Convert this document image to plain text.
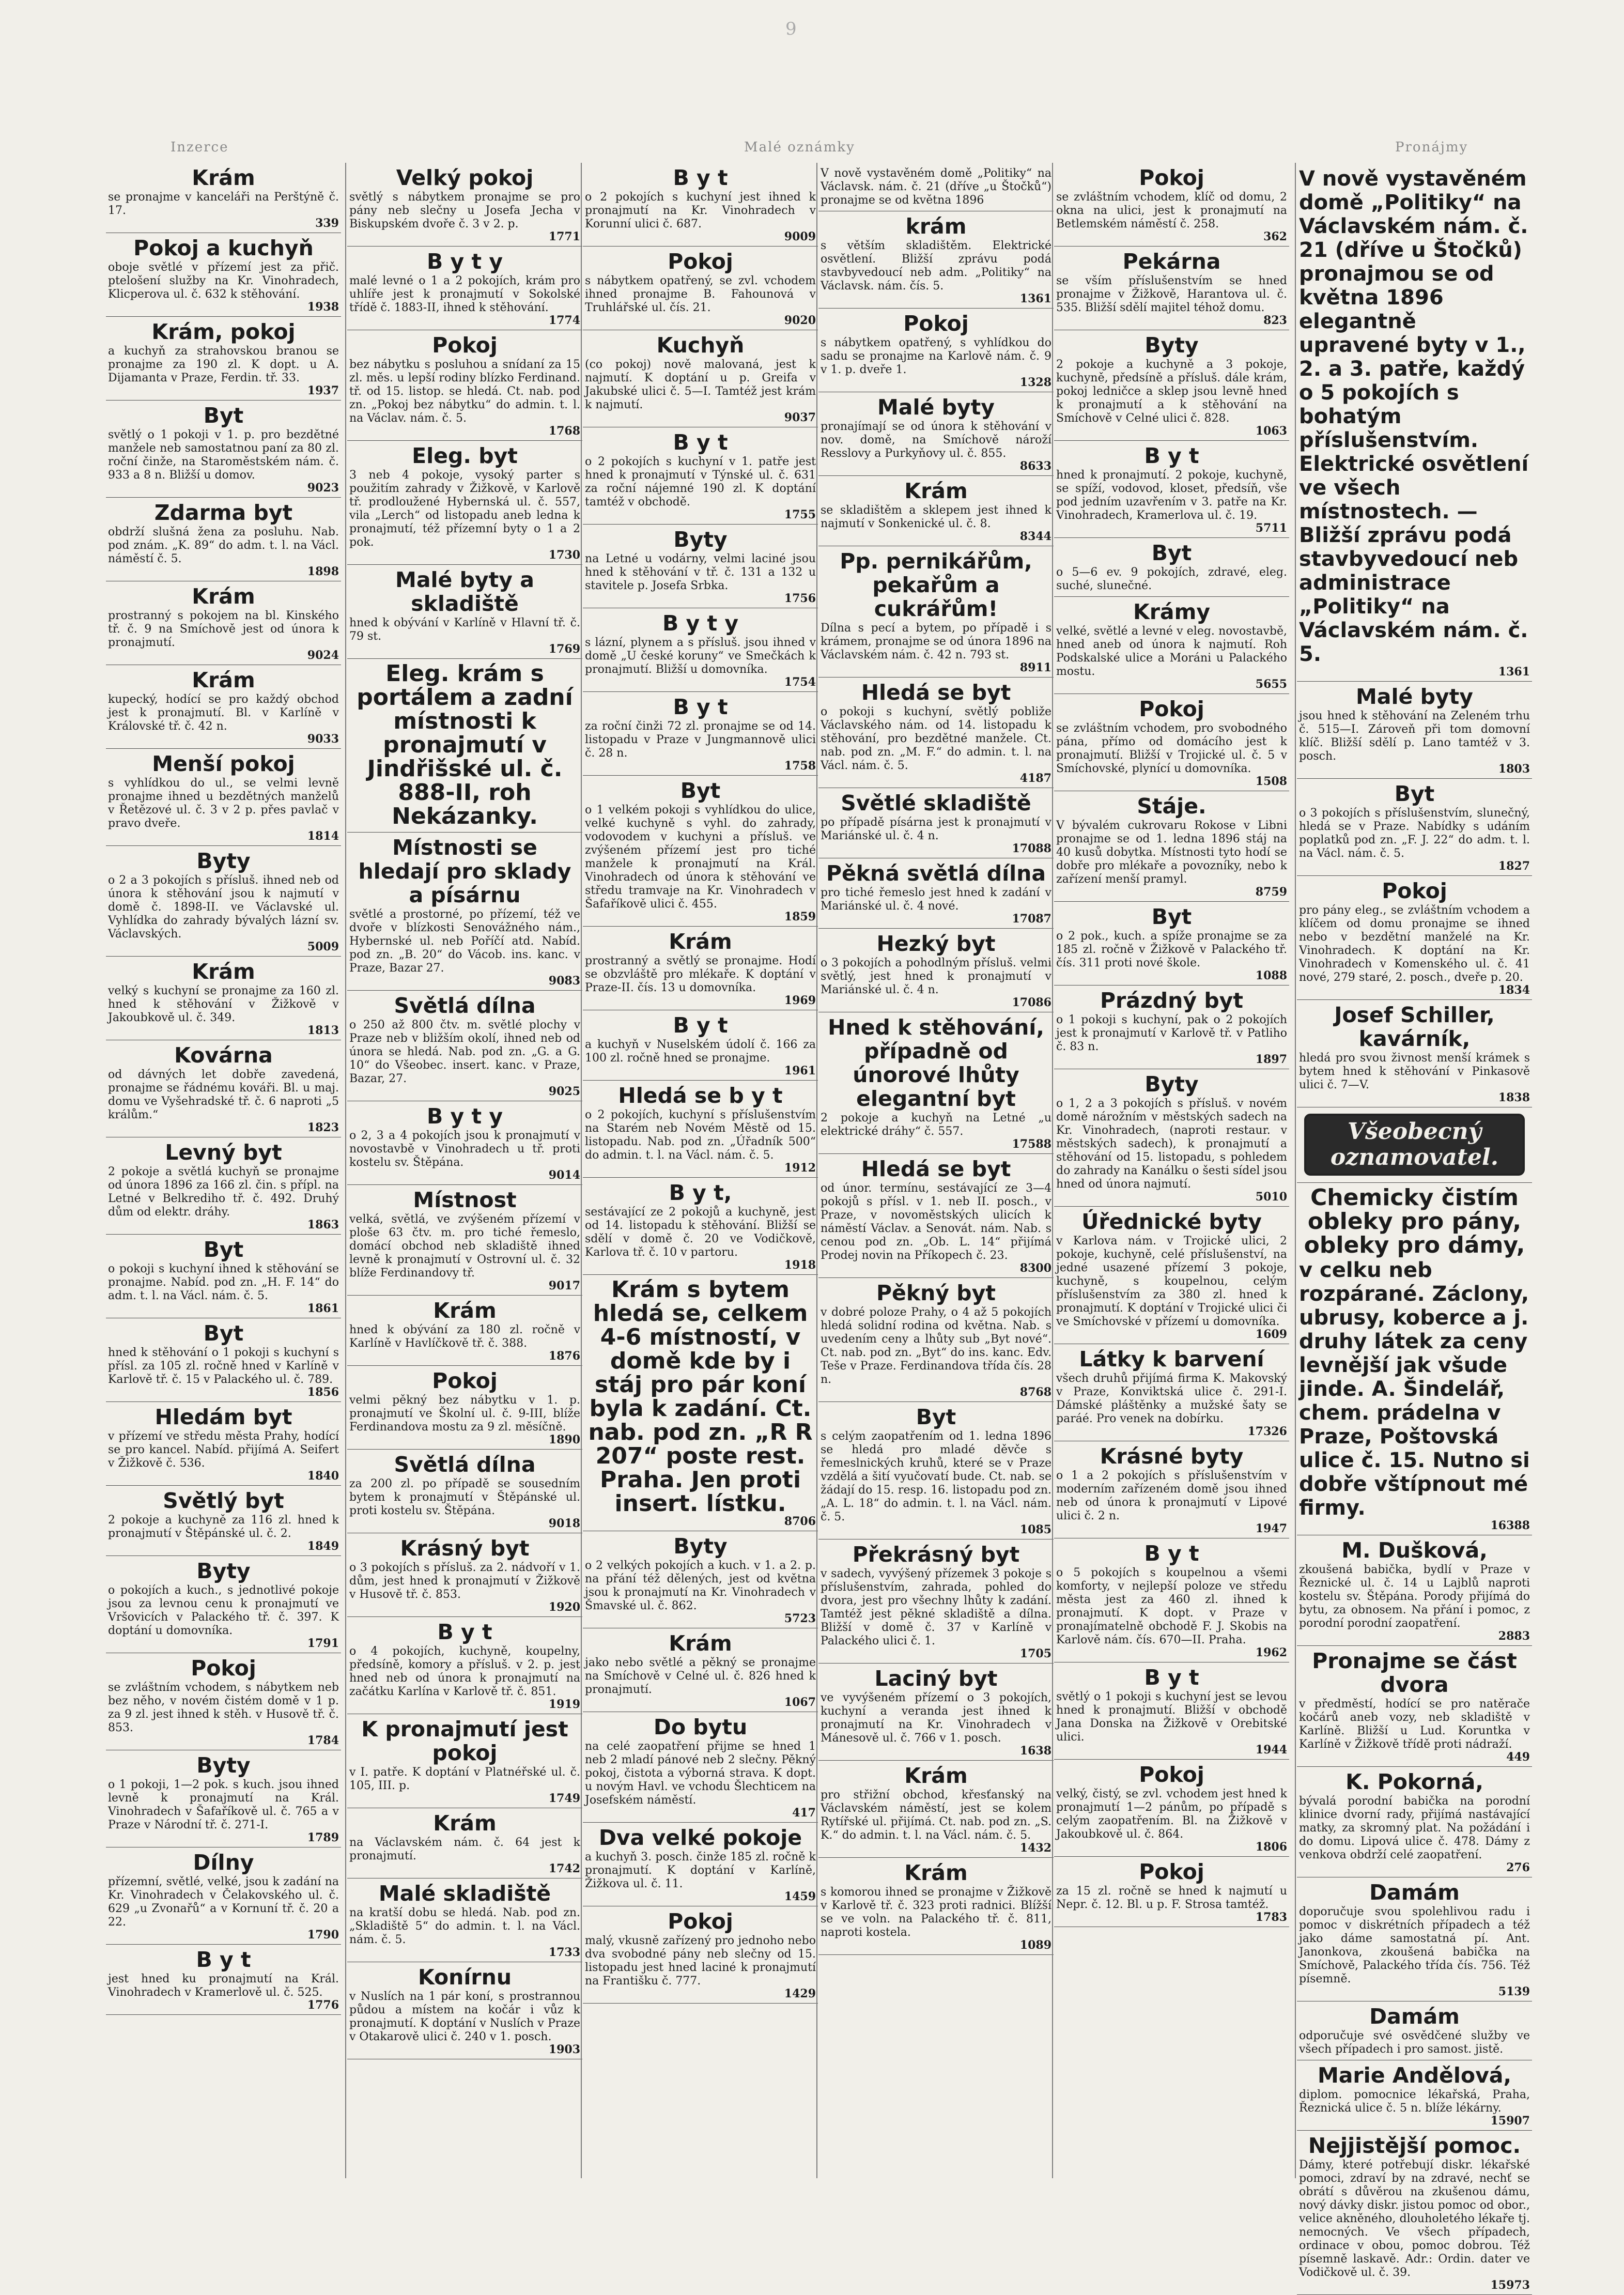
Inzerce	Malé oznámky	Pronájmy
9
Krám
se pronajme v kanceláři na Perštýně č. 17.
339
Pokoj a kuchyň
oboje světlé v přízemí jest za přič. ptelošení služby na Kr. Vinohradech, Klicperova ul. č. 632 k stěhování.
1938
Krám, pokoj
a kuchyň za strahovskou branou se pronajme za 190 zl. K dopt. u A. Dijamanta v Praze, Ferdin. tř. 33.
1937
Byt
světlý o 1 pokoji v 1. p. pro bezdětné manžele neb samostatnou paní za 80 zl. roční činže, na Staroměstském nám. č. 933 a 8 n. Bližší u domov.
9023
Zdarma byt
obdrží slušná žena za posluhu. Nab. pod znám. „K. 89“ do adm. t. l. na Václ. náměstí č. 5.
1898
Krám
prostranný s pokojem na bl. Kinského tř. č. 9 na Smíchově jest od února k pronajmutí.
9024
Krám
kupecký, hodící se pro každý obchod jest k pronajmutí. Bl. v Karlíně v Královské tř. č. 42 n.
9033
Menší pokoj
s vyhlídkou do ul., se velmi levně pronajme ihned u bezdětných manželů v Řetězové ul. č. 3 v 2 p. přes pavlač v pravo dveře.
1814
Byty
o 2 a 3 pokojích s přísluš. ihned neb od února k stěhování jsou k najmutí v domě č. 1898-II. ve Václavské ul. Vyhlídka do zahrady bývalých lázní sv. Václavských.
5009
Krám
velký s kuchyní se pronajme za 160 zl. hned k stěhování v Žižkově v Jakoubkově ul. č. 349.
1813
Kovárna
od dávných let dobře zavedená, pronajme se řádnému kováři. Bl. u maj. domu ve Vyšehradské tř. č. 6 naproti „5 králům.“
1823
Levný byt
2 pokoje a světlá kuchyň se pronajme od února 1896 za 166 zl. čin. s přípl. na Letné v Belkrediho tř. č. 492. Druhý dům od elektr. dráhy.
1863
Byt
o pokoji s kuchyní ihned k stěhování se pronajme. Nabíd. pod zn. „H. F. 14“ do adm. t. l. na Václ. nám. č. 5.
1861
Byt
hned k stěhování o 1 pokoji s kuchyní s přísl. za 105 zl. ročně hned v Karlíně v Karlově tř. č. 15 v Palackého ul. č. 789.
1856
Hledám byt
v přízemí ve středu města Prahy, hodící se pro kancel. Nabíd. přijímá A. Seifert v Žižkově č. 536.
1840
Světlý byt
2 pokoje a kuchyně za 116 zl. hned k pronajmutí v Štěpánské ul. č. 2.
1849
Byty
o pokojích a kuch., s jednotlivé pokoje jsou za levnou cenu k pronajmutí ve Vršovicích v Palackého tř. č. 397. K doptání u domovníka.
1791
Pokoj
se zvláštním vchodem, s nábytkem neb bez něho, v novém čistém domě v 1 p. za 9 zl. jest ihned k stěh. v Husově tř. č. 853.
1784
Byty
o 1 pokoji, 1—2 pok. s kuch. jsou ihned levně k pronajmutí na Král. Vinohradech v Šafaříkově ul. č. 765 a v Praze v Národní tř. č. 271-I.
1789
Dílny
přízemní, světlé, velké, jsou k zadání na Kr. Vinohradech v Čelakovského ul. č. 629 „u Zvonařů“ a v Kornuní tř. č. 20 a 22.
1790
B y t
jest hned ku pronajmutí na Král. Vinohradech v Kramerlově ul. č. 525.
1776
Velký pokoj
světlý s nábytkem pronajme se pro pány neb slečny u Josefa Jecha v Biskupském dvoře č. 3 v 2. p.
1771
B y t y
malé levné o 1 a 2 pokojích, krám pro uhlíře jest k pronajmutí v Sokolské třídě č. 1883-II, ihned k stěhování.
1774
Pokoj
bez nábytku s posluhou a snídaní za 15 zl. měs. u lepší rodiny blízko Ferdinand. tř. od 15. listop. se hledá. Ct. nab. pod zn. „Pokoj bez nábytku“ do admin. t. l. na Václav. nám. č. 5.
1768
Eleg. byt
3 neb 4 pokoje, vysoký parter s použitím zahrady v Žižkově, v Karlově tř. prodloužené Hybernská ul. č. 557, vila „Lerch“ od listopadu aneb ledna k pronajmutí, též přízemní byty o 1 a 2 pok.
1730
Malé byty a skladiště
hned k obývání v Karlíně v Hlavní tř. č. 79 st.
1769
Eleg. krám s portálem a zadní místnosti k pronajmutí v Jindřišské ul. č. 888-II, roh Nekázanky.
Místnosti se hledají pro sklady a písárnu
světlé a prostorné, po přízemí, též ve dvoře v blízkosti Senovážného nám., Hybernské ul. neb Poříčí atd. Nabíd. pod zn. „B. 20“ do Vácob. ins. kanc. v Praze, Bazar 27.
9083
Světlá dílna
o 250 až 800 čtv. m. světlé plochy v Praze neb v bližším okolí, ihned neb od února se hledá. Nab. pod zn. „G. a G. 10“ do Všeobec. insert. kanc. v Praze, Bazar, 27.
9025
B y t y
o 2, 3 a 4 pokojích jsou k pronajmutí v novostavbě v Vinohradech u tř. proti kostelu sv. Štěpána.
9014
Místnost
velká, světlá, ve zvýšeném přízemí v ploše 63 čtv. m. pro tiché řemeslo, domácí obchod neb skladiště ihned levně k pronajmutí v Ostrovní ul. č. 32 blíže Ferdinandovy tř.
9017
Krám
hned k obývání za 180 zl. ročně v Karlíně v Havlíčkově tř. č. 388.
1876
Pokoj
velmi pěkný bez nábytku v 1. p. pronajmutí ve Školní ul. č. 9-III, blíže Ferdinandova mostu za 9 zl. měsíčně.
1890
Světlá dílna
za 200 zl. po případě se sousedním bytem k pronajmutí v Štěpánské ul. proti kostelu sv. Štěpána.
9018
Krásný byt
o 3 pokojích s přísluš. za 2. nádvoří v 1. dům, jest hned k pronajmutí v Žižkově v Husově tř. č. 853.
1920
B y t
o 4 pokojích, kuchyně, koupelny, předsíně, komory a přísluš. v 2. p. jest hned neb od února k pronajmutí na začátku Karlína v Karlově tř. č. 851.
1919
K pronajmutí jest pokoj
v I. patře. K doptání v Platnéřské ul. č. 105, III. p.
1749
Krám
na Václavském nám. č. 64 jest k pronajmutí.
1742
Malé skladiště
na kratší dobu se hledá. Nab. pod zn. „Skladiště 5“ do admin. t. l. na Václ. nám. č. 5.
1733
Konírnu
v Nuslích na 1 pár koní, s prostrannou půdou a místem na kočár i vůz k pronajmutí. K doptání v Nuslích v Praze v Otakarově ulici č. 240 v 1. posch.
1903
B y t
o 2 pokojích s kuchyní jest ihned k pronajmutí na Kr. Vinohradech v Korunní ulici č. 687.
9009
Pokoj
s nábytkem opatřený, se zvl. vchodem ihned pronajme B. Fahounová v Truhlářské ul. čís. 21.
9020
Kuchyň
(co pokoj) nově malovaná, jest k najmutí. K doptání u p. Greifa v Jakubské ulici č. 5—I. Tamtéž jest krám k najmutí.
9037
B y t
o 2 pokojích s kuchyní v 1. patře jest hned k pronajmutí v Týnské ul. č. 631 za roční nájemné 190 zl. K doptání tamtéž v obchodě.
1755
Byty
na Letné u vodárny, velmi laciné jsou hned k stěhování v tř. č. 131 a 132 u stavitele p. Josefa Srbka.
1756
B y t y
s lázní, plynem a s přísluš. jsou ihned v domě „U české koruny“ ve Smečkách k pronajmutí. Bližší u domovníka.
1754
B y t
za roční činži 72 zl. pronajme se od 14. listopadu v Praze v Jungmannově ulici č. 28 n.
1758
Byt
o 1 velkém pokoji s vyhlídkou do ulice, velké kuchyně s vyhl. do zahrady, vodovodem v kuchyni a přísluš. ve zvýšeném přízemí jest pro tiché manžele k pronajmutí na Král. Vinohradech od února k stěhování ve středu tramvaje na Kr. Vinohradech v Šafaříkově ulici č. 455.
1859
Krám
prostranný a světlý se pronajme. Hodí se obzvláště pro mlékaře. K doptání v Praze-II. čís. 13 u domovníka.
1969
B y t
a kuchyň v Nuselském údolí č. 166 za 100 zl. ročně hned se pronajme.
1961
Hledá se b y t
o 2 pokojích, kuchyní s příslušenstvím na Starém neb Novém Městě od 15. listopadu. Nab. pod zn. „Úřadník 500“ do admin. t. l. na Václ. nám. č. 5.
1912
B y t,
sestávající ze 2 pokojů a kuchyně, jest od 14. listopadu k stěhování. Bližší se sdělí v domě č. 20 ve Vodičkově, Karlova tř. č. 10 v partoru.
1918
Krám s bytem hledá se, celkem 4-6 místností, v domě kde by i stáj pro pár koní byla k zadání. Ct. nab. pod zn. „R R 207“ poste rest. Praha. Jen proti insert. lístku.
8706
Byty
o 2 velkých pokojích a kuch. v 1. a 2. p. na přání též dělených, jest od května jsou k pronajmutí na Kr. Vinohradech v Šmavské ul. č. 862.
5723
Krám
jako nebo světlé a pěkný se pronajme na Smíchově v Celné ul. č. 826 hned k pronajmutí.
1067
Do bytu
na celé zaopatření přijme se hned 1 neb 2 mladí pánové neb 2 slečny. Pěkný pokoj, čistota a výborná strava. K dopt. u novým Havl. ve vchodu Šlechticem na Josefském náměstí.
417
Dva velké pokoje
a kuchyň 3. posch. činže 185 zl. ročně k pronajmutí. K doptání v Karlíně, Žižkova ul. č. 11.
1459
Pokoj
malý, vkusně zařízený pro jednoho nebo dva svobodné pány neb slečny od 15. listopadu jest hned laciné k pronajmutí na Františku č. 777.
1429
V nově vystavěném domě „Politiky“ na Václavsk. nám. č. 21 (dříve „u Štočků“) pronajme se od května 1896
krám
s větším skladištěm. Elektrické osvětlení. Bližší zprávu podá stavbyvedoucí neb adm. „Politiky“ na Václavsk. nám. čís. 5.
1361
Pokoj
s nábytkem opatřený, s vyhlídkou do sadu se pronajme na Karlově nám. č. 9 v 1. p. dveře 1.
1328
Malé byty
pronajímají se od února k stěhování v nov. domě, na Smíchově nároží Resslovy a Purkyňovy ul. č. 855.
8633
Krám
se skladištěm a sklepem jest ihned k najmutí v Sonkenické ul. č. 8.
8344
Pp. pernikářům, pekařům a cukrářům!
Dílna s pecí a bytem, po případě i s krámem, pronajme se od února 1896 na Václavském nám. č. 42 n. 793 st.
8911
Hledá se byt
o pokoji s kuchyní, světlý pobliže Václavského nám. od 14. listopadu k stěhování, pro bezdětné manžele. Ct. nab. pod zn. „M. F.“ do admin. t. l. na Václ. nám. č. 5.
4187
Světlé skladiště
po případě písárna jest k pronajmutí v Mariánské ul. č. 4 n.
17088
Pěkná světlá dílna
pro tiché řemeslo jest hned k zadání v Mariánské ul. č. 4 nové.
17087
Hezký byt
o 3 pokojích a pohodlným přísluš. velmi světlý, jest hned k pronajmutí v Mariánské ul. č. 4 n.
17086
Hned k stěhování, případně od únorové lhůty elegantní byt
2 pokoje a kuchyň na Letné „u elektrické dráhy“ č. 557.
17588
Hledá se byt
od únor. termínu, sestávající ze 3—4 pokojů s přísl. v 1. neb II. posch., v Praze, v novoměstských ulicích k náměstí Václav. a Senovát. nám. Nab. s cenou pod zn. „Ob. L. 14“ přijímá Prodej novin na Příkopech č. 23.
8300
Pěkný byt
v dobré poloze Prahy, o 4 až 5 pokojích hledá solidní rodina od května. Nab. s uvedením ceny a lhůty sub „Byt nové“. Ct. nab. pod zn. „Byt“ do ins. kanc. Edv. Teše v Praze. Ferdinandova třída čís. 28 n.
8768
Byt
s celým zaopatřením od 1. ledna 1896 se hledá pro mladé děvče s řemeslnických kruhů, které se v Praze vzdělá a šití vyučovatí bude. Ct. nab. se žádají do 15. resp. 16. listopadu pod zn. „A. L. 18“ do admin. t. l. na Václ. nám. č. 5.
1085
Překrásný byt
v sadech, vyvýšený přízemek 3 pokoje s příslušenstvím, zahrada, pohled do dvora, jest pro všechny lhůty k zadání. Tamtéž jest pěkné skladiště a dílna. Bližší v domě č. 37 v Karlíně v Palackého ulici č. 1.
1705
Laciný byt
ve vyvýšeném přízemí o 3 pokojích, kuchyní a veranda jest ihned k pronajmutí na Kr. Vinohradech v Mánesově ul. č. 766 v 1. posch.
1638
Krám
pro střižní obchod, křesťanský na Václavském náměstí, jest se kolem Rytířské ul. přijímá. Ct. nab. pod zn. „S. K.“ do admin. t. l. na Václ. nám. č. 5.
1432
Krám
s komorou ihned se pronajme v Žižkově v Karlově tř. č. 323 proti radnici. Blížší se ve voln. na Palackého tř. č. 811, naproti kostela.
1089
Pokoj
se zvláštním vchodem, klíč od domu, 2 okna na ulici, jest k pronajmutí na Betlemském náměstí č. 258.
362
Pekárna
se vším příslušenstvím se hned pronajme v Žižkově, Harantova ul. č. 535. Bližší sdělí majitel téhož domu.
823
Byty
2 pokoje a kuchyně a 3 pokoje, kuchyně, předsíně a přísluš. dále krám, pokoj ledničce a sklep jsou levně hned k pronajmutí a k stěhování na Smíchově v Celné ulici č. 828.
1063
B y t
hned k pronajmutí. 2 pokoje, kuchyně, se spíží, vodovod, kloset, předsíň, vše pod jedním uzavřením v 3. patře na Kr. Vinohradech, Kramerlova ul. č. 19.
5711
Byt
o 5—6 ev. 9 pokojích, zdravé, eleg. suché, slunečné.
Krámy
velké, světlé a levné v eleg. novostavbě, hned aneb od února k najmutí. Roh Podskalské ulice a Moráni u Palackého mostu.
5655
Pokoj
se zvláštním vchodem, pro svobodného pána, přímo od domácího jest k pronajmutí. Bližší v Trojické ul. č. 5 v Smíchovské, plynící u domovníka.
1508
Stáje.
V bývalém cukrovaru Rokose v Libni pronajme se od 1. ledna 1896 stáj na 40 kusů dobytka. Místnosti tyto hodí se dobře pro mlékaře a povozníky, nebo k zařízení menší pramyl.
8759
Byt
o 2 pok., kuch. a spíže pronajme se za 185 zl. ročně v Žižkově v Palackého tř. čís. 311 proti nové škole.
1088
Prázdný byt
o 1 pokoji s kuchyní, pak o 2 pokojích jest k pronajmutí v Karlově tř. v Patliho č. 83 n.
1897
Byty
o 1, 2 a 3 pokojích s přísluš. v novém domě nárožním v městských sadech na Kr. Vinohradech, (naproti restaur. v městských sadech), k pronajmutí a stěhování od 15. listopadu, s pohledem do zahrady na Kanálku o šesti sídel jsou hned od února najmutí.
5010
Úřednické byty
v Karlova nám. v Trojické ulici, 2 pokoje, kuchyně, celé příslušenství, na jedné usazené přízemí 3 pokoje, kuchyně, s koupelnou, celým příslušenstvím za 380 zl. hned k pronajmutí. K doptání v Trojické ulici či ve Smíchovské v přízemí u domovníka.
1609
Látky k barvení
všech druhů přijímá firma K. Makovský v Praze, Konviktská ulice č. 291-I. Dámské pláštěnky a mužské šaty se paráé. Pro venek na dobírku.
17326
Krásné byty
o 1 a 2 pokojích s příslušenstvím v moderním zařízeném domě jsou ihned neb od února k pronajmutí v Lipové ulici č. 2 n.
1947
B y t
o 5 pokojích s koupelnou a všemi komforty, v nejlepší poloze ve středu města jest za 460 zl. ihned k pronajmutí. K dopt. v Praze v pronajímatelně obchodě F. J. Skobis na Karlově nám. čís. 670—II. Praha.
1962
B y t
světlý o 1 pokoji s kuchyní jest se levou hned k pronajmutí. Bližší v obchodě Jana Donska na Žižkově v Orebitské ulici.
1944
Pokoj
velký, čistý, se zvl. vchodem jest hned k pronajmutí 1—2 pánům, po případě s celým zaopatřením. Bl. na Žižkově v Jakoubkově ul. č. 864.
1806
Pokoj
za 15 zl. ročně se hned k najmutí u Nepr. č. 12. Bl. u p. F. Strosa tamtéž.
1783
V nově vystavěném domě „Politiky“ na Václavském nám. č. 21 (dříve u Štočků) pronajmou se od května 1896 elegantně upravené byty v 1., 2. a 3. patře, každý o 5 pokojích s bohatým příslušenstvím. Elektrické osvětlení ve všech místnostech. — Bližší zprávu podá stavbyvedoucí neb administrace „Politiky“ na Václavském nám. č. 5.
1361
Malé byty
jsou hned k stěhování na Zeleném trhu č. 515—I. Zároveň při tom domovní klíč. Bližší sdělí p. Lano tamtéž v 3. posch.
1803
Byt
o 3 pokojích s příslušenstvím, slunečný, hledá se v Praze. Nabídky s udáním poplatků pod zn. „F. J. 22“ do adm. t. l. na Václ. nám. č. 5.
1827
Pokoj
pro pány eleg., se zvláštním vchodem a klíčem od domu pronajme se ihned nebo v bezdětní manželé na Kr. Vinohradech. K doptání na Kr. Vinohradech v Komenského ul. č. 41 nové, 279 staré, 2. posch., dveře p. 20.
1834
Josef Schiller, kavárník,
hledá pro svou živnost menší krámek s bytem hned k stěhování v Pinkasově ulici č. 7—V.
1838
Všeobecný oznamovatel.
Chemicky čistím obleky pro pány, obleky pro dámy,
v celku neb rozpárané. Záclony, ubrusy, koberce a j. druhy látek za ceny levnější jak všude jinde. A. Šindelář, chem. prádelna v Praze, Poštovská ulice č. 15. Nutno si dobře vštípnout mé firmy.
16388
M. Dušková,
zkoušená babička, bydlí v Praze v Řeznické ul. č. 14 u Lajblů naproti kostelu sv. Štěpána. Porody přijímá do bytu, za obnosem. Na přání i pomoc, z porodní porodní zaopatření.
2883
Pronajme se část dvora
v předměstí, hodící se pro natěrače kočárů aneb vozy, neb skladiště v Karlíně. Bližší u Lud. Koruntka v Karlíně v Žižkově třídě proti nádraží.
449
K. Pokorná,
bývalá porodní babička na porodní klinice dvorní rady, přijímá nastávající matky, za skromný plat. Na požádání i do domu. Lipová ulice č. 478. Dámy z venkova obdrží celé zaopatření.
276
Damám
doporučuje svou spolehlivou radu i pomoc v diskrétních případech a též jako dáme samostatná pí. Ant. Janonkova, zkoušená babička na Smíchově, Palackého třída čís. 756. Též písemně.
5139
Damám
odporučuje své osvědčené služby ve všech případech i pro samost. jistě.
Marie Andělová,
diplom. pomocnice lékařská, Praha, Řeznická ulice č. 5 n. blíže lékárny.
15907
Nejjistější pomoc.
Dámy, které potřebují diskr. lékařské pomoci, zdraví by na zdravé, nechť se obrátí s důvěrou na zkušenou dámu, nový dávky diskr. jistou pomoc od obor., velice akněného, dlouholetého lékaře tj. nemocných. Ve všech případech, ordinace v obou, pomoc dobrou. Též písemně laskavě. Adr.: Ordin. dater ve Vodičkově ul. č. 39.
15973
